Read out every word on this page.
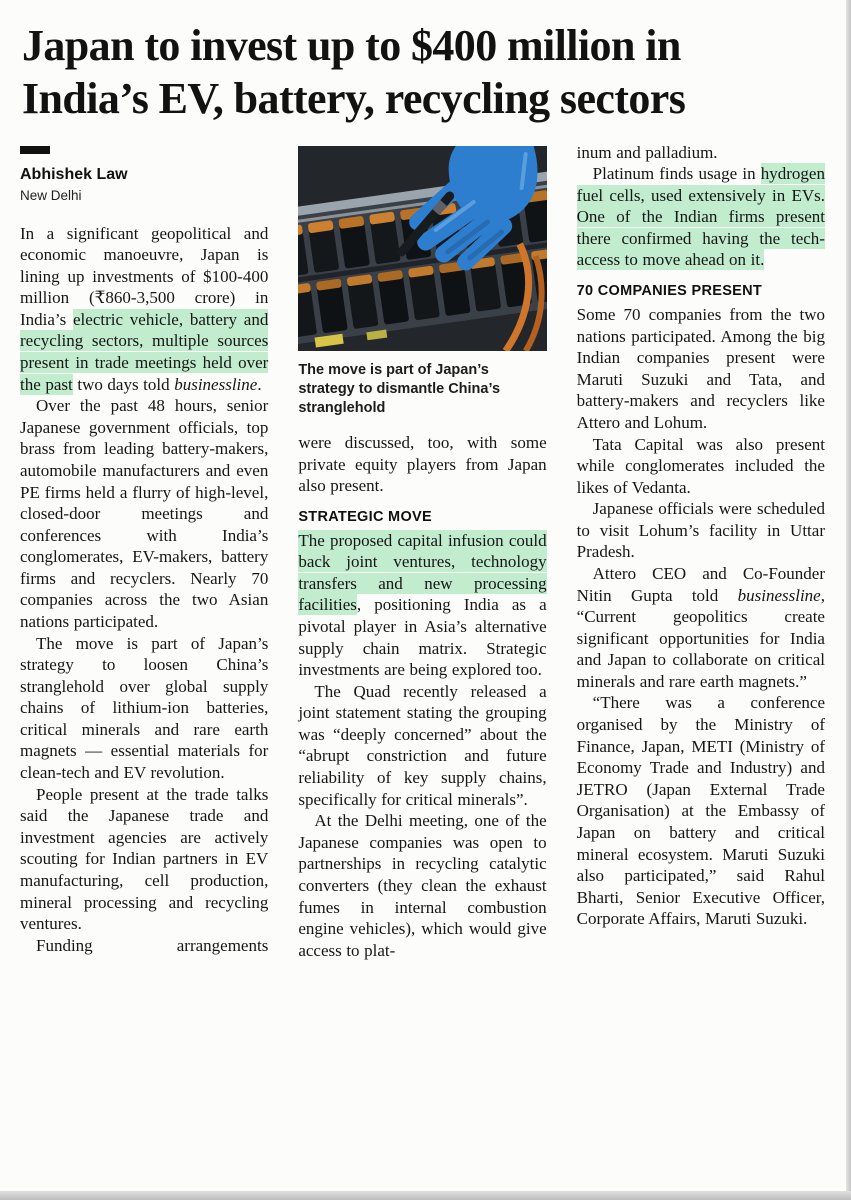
Japan to invest up to $400 million in
India’s EV, battery, recycling sectors
Abhishek Law
New Delhi

In a significant geopolitical and economic manoeuvre, Japan is lining up investments of $100-400 million (₹860-3,500 crore) in India’s electric vehicle, battery and recycling sectors, multiple sources present in trade meetings held over the past two days told businessline.

Over the past 48 hours, senior Japanese government officials, top brass from leading battery-makers, automobile manufacturers and even PE firms held a flurry of high-level, closed-door meetings and conferences with India’s conglomerates, EV-makers, battery firms and recyclers. Nearly 70 companies across the two Asian nations participated.

The move is part of Japan’s strategy to loosen China’s stranglehold over global supply chains of lithium-ion batteries, critical minerals and rare earth magnets — essential materials for clean-tech and EV revolution.

People present at the trade talks said the Japanese trade and investment agencies are actively scouting for Indian partners in EV manufacturing, cell production, mineral processing and recycling ventures.

Funding arrangements

The move is part of Japan’s strategy to dismantle China’s stranglehold

were discussed, too, with some private equity players from Japan also present.

STRATEGIC MOVE

The proposed capital infusion could back joint ventures, technology transfers and new processing facilities, positioning India as a pivotal player in Asia’s alternative supply chain matrix. Strategic investments are being explored too.

The Quad recently released a joint statement stating the grouping was “deeply concerned” about the “abrupt constriction and future reliability of key supply chains, specifically for critical minerals”.

At the Delhi meeting, one of the Japanese companies was open to partnerships in recycling catalytic converters (they clean the exhaust fumes in internal combustion engine vehicles), which would give access to plat-

inum and palladium.

Platinum finds usage in hydrogen fuel cells, used extensively in EVs. One of the Indian firms present there confirmed having the tech-access to move ahead on it.

70 COMPANIES PRESENT

Some 70 companies from the two nations participated. Among the big Indian companies present were Maruti Suzuki and Tata, and battery-makers and recyclers like Attero and Lohum.

Tata Capital was also present while conglomerates included the likes of Vedanta.

Japanese officials were scheduled to visit Lohum’s facility in Uttar Pradesh.

Attero CEO and Co-Founder Nitin Gupta told businessline, “Current geopolitics create significant opportunities for India and Japan to collaborate on critical minerals and rare earth magnets.”

“There was a conference organised by the Ministry of Finance, Japan, METI (Ministry of Economy Trade and Industry) and JETRO (Japan External Trade Organisation) at the Embassy of Japan on battery and critical mineral ecosystem. Maruti Suzuki also participated,” said Rahul Bharti, Senior Executive Officer, Corporate Affairs, Maruti Suzuki.
